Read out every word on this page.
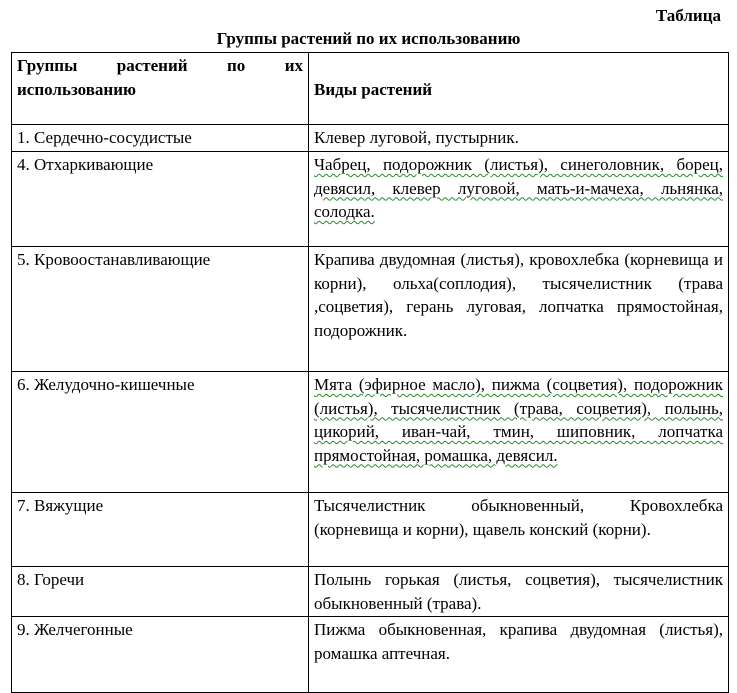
Таблица
Группы растений по их использованию
Группы растений по их использованию	Виды растений
1. Сердечно-сосудистые	Клевер луговой, пустырник.
4. Отхаркивающие	Чабрец, подорожник (листья), синеголовник, борец, девясил, клевер луговой, мать-и-мачеха, льнянка, солодка.
5. Кровоостанавливающие	Крапива двудомная (листья), кровохлебка (корневища и корни), ольха(соплодия), тысячелистник (трава ,соцветия), герань луговая, лопчатка прямостойная, подорожник.
6. Желудочно-кишечные	Мята (эфирное масло), пижма (соцветия), подорожник (листья), тысячелистник (трава, соцветия), полынь, цикорий, иван-чай, тмин, шиповник, лопчатка прямостойная, ромашка, девясил.
7. Вяжущие	Тысячелистник обыкновенный, Кровохлебка (корневища и корни), щавель конский (корни).
8. Горечи	Полынь горькая (листья, соцветия), тысячелистник обыкновенный (трава).
9. Желчегонные	Пижма обыкновенная, крапива двудомная (листья), ромашка аптечная.
